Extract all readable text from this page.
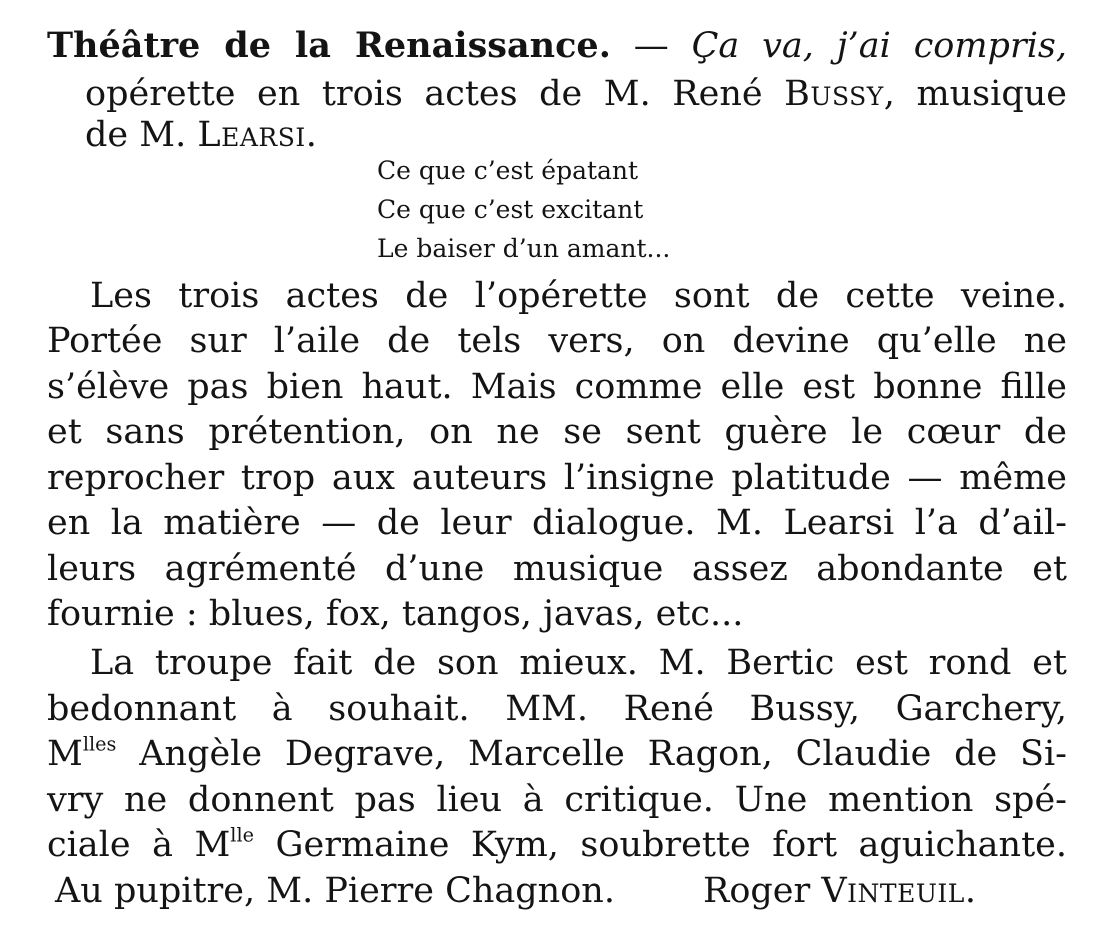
Théâtre de la Renaissance. — Ça va, j’ai compris,
opérette en trois actes de M. René Bussy, musique
de M. Learsi.
Ce que c’est épatant
Ce que c’est excitant
Le baiser d’un amant...
Les trois actes de l’opérette sont de cette veine.
Portée sur l’aile de tels vers, on devine qu’elle ne
s’élève pas bien haut. Mais comme elle est bonne fille
et sans prétention, on ne se sent guère le cœur de
reprocher trop aux auteurs l’insigne platitude — même
en la matière — de leur dialogue. M. Learsi l’a d’ail-
leurs agrémenté d’une musique assez abondante et
fournie : blues, fox, tangos, javas, etc...
La troupe fait de son mieux. M. Bertic est rond et
bedonnant à souhait. MM. René Bussy, Garchery,
$M^{lles}$ Angèle Degrave, Marcelle Ragon, Claudie de Si-
vry ne donnent pas lieu à critique. Une mention spé-
ciale à $M^{lle}$ Germaine Kym, soubrette fort aguichante.
Au pupitre, M. Pierre Chagnon.	Roger Vinteuil.
